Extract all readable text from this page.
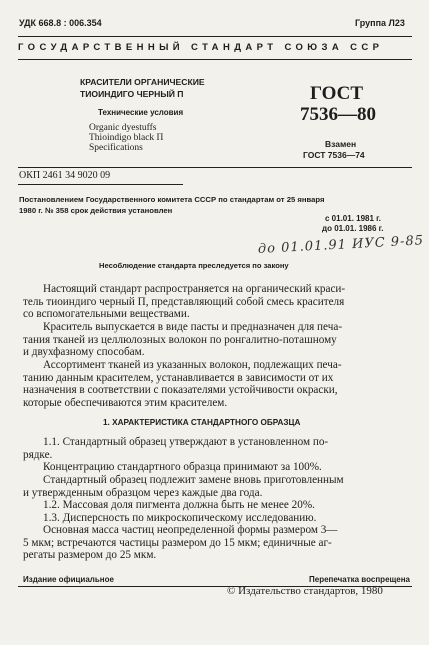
УДК 668.8 : 006.354	Группа Л23
ГОСУДАРСТВЕННЫЙ СТАНДАРТ СОЮЗА ССР
КРАСИТЕЛИ ОРГАНИЧЕСКИЕ
ТИОИНДИГО ЧЕРНЫЙ П
Технические условия
Organic dyestuffs
Thioindigo black П
Specifications
ГОСТ
7536—80
Взамен
ГОСТ 7536—74
ОКП 2461 34 9020 09
Постановлением Государственного комитета СССР по стандартам от 25 января
1980 г. № 358 срок действия установлен
с 01.01. 1981 г.
до 01.01. 1986 г.
до 01.01.91 ИУС 9-85
Несоблюдение стандарта преследуется по закону
Настоящий стандарт распространяется на органический краси-
тель тиоиндиго черный П, представляющий собой смесь красителя
со вспомогательными веществами.
Краситель выпускается в виде пасты и предназначен для печа-
тания тканей из целлюлозных волокон по ронгалитно-поташному
и двухфазному способам.
Ассортимент тканей из указанных волокон, подлежащих печа-
танию данным красителем, устанавливается в зависимости от их
назначения в соответствии с показателями устойчивости окраски,
которые обеспечиваются этим красителем.
1. ХАРАКТЕРИСТИКА СТАНДАРТНОГО ОБРАЗЦА
1.1. Стандартный образец утверждают в установленном по-
рядке.
Концентрацию стандартного образца принимают за 100%.
Стандартный образец подлежит замене вновь приготовленным
и утвержденным образцом через каждые два года.
1.2. Массовая доля пигмента должна быть не менее 20%.
1.3. Дисперсность по микроскопическому исследованию.
Основная масса частиц неопределенной формы размером 3—
5 мкм; встречаются частицы размером до 15 мкм; единичные аг-
регаты размером до 25 мкм.
Издание официальное	Перепечатка воспрещена
© Издательство стандартов, 1980
